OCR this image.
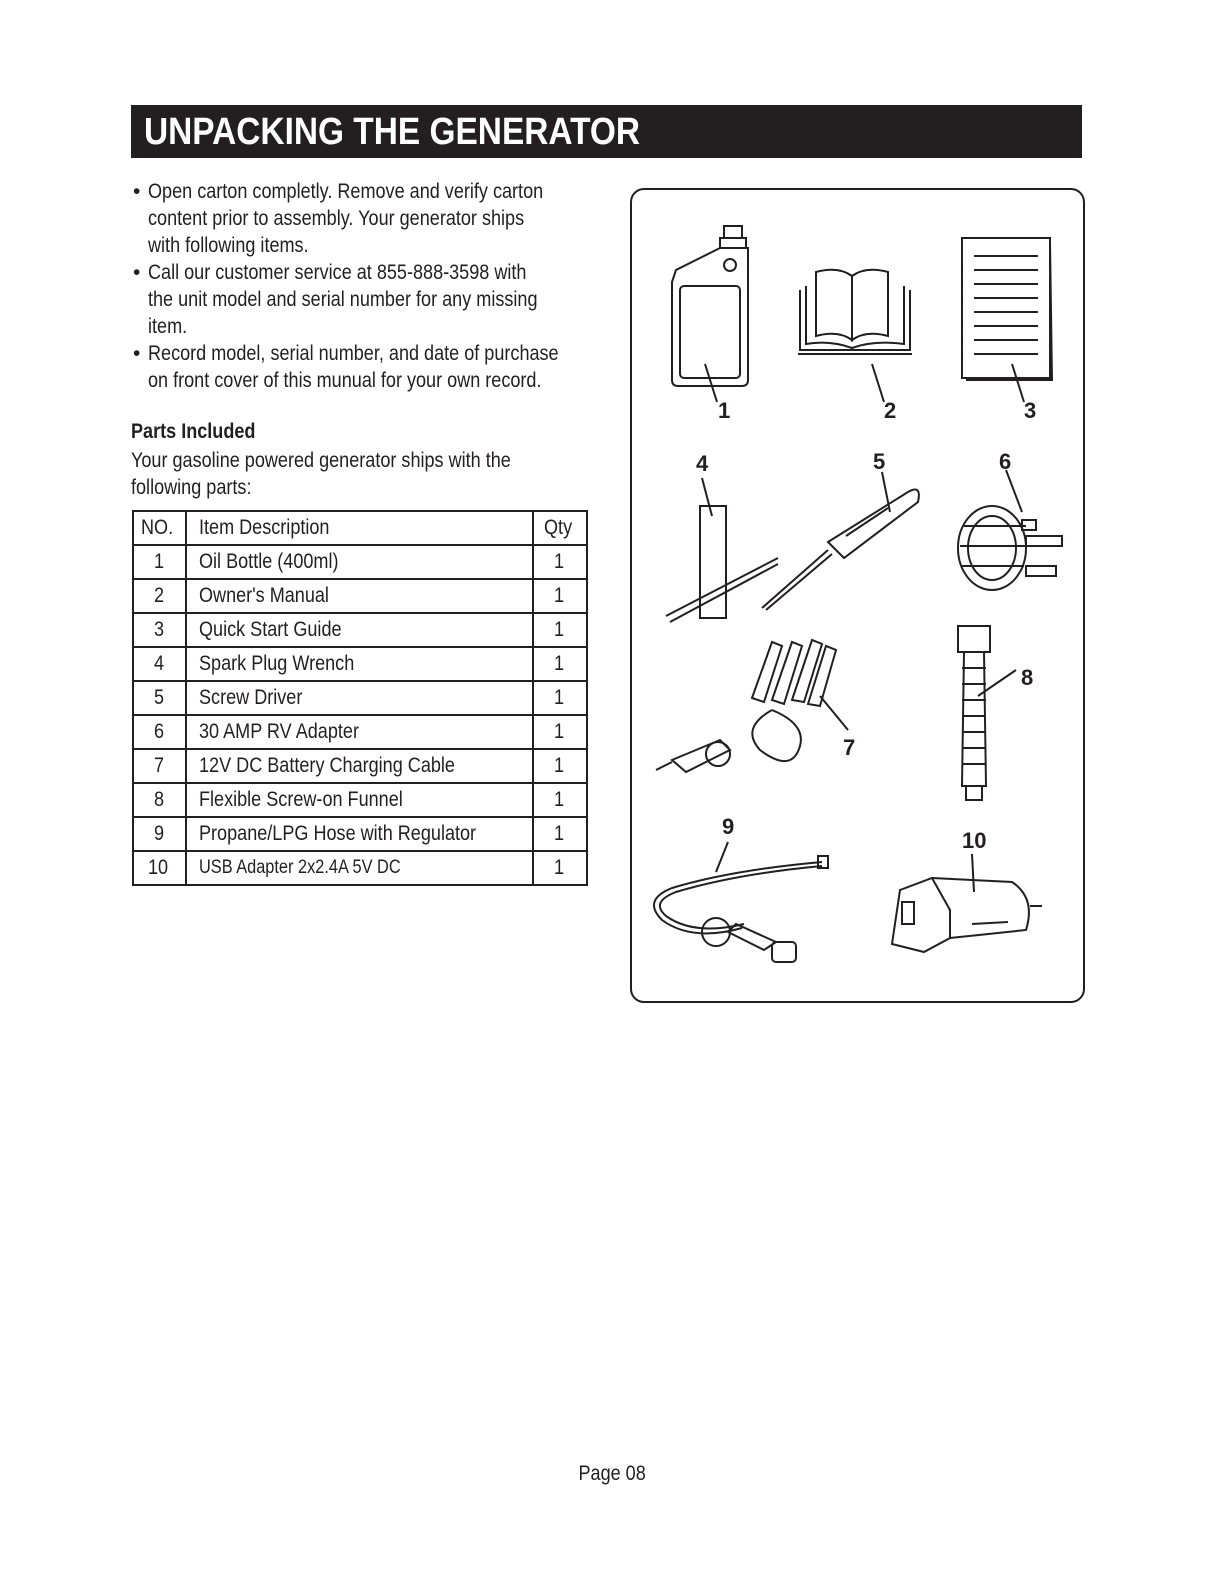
UNPACKING THE GENERATOR
• Open carton completly. Remove and verify carton
content prior to assembly. Your generator ships
with following items.
• Call our customer service at 855-888-3598 with
the unit model and serial number for any missing
item.
• Record model, serial number, and date of purchase
on front cover of this munual for your own record.
Parts Included
Your gasoline powered generator ships with the
following parts:
NO.	Item Description	Qty
1	Oil Bottle (400ml)	1
2	Owner's Manual	1
3	Quick Start Guide	1
4	Spark Plug Wrench	1
5	Screw Driver	1
6	30 AMP RV Adapter	1
7	12V DC Battery Charging Cable	1
8	Flexible Screw-on Funnel	1
9	Propane/LPG Hose with Regulator	1
10	USB Adapter 2x2.4A 5V DC	1
1	2	3
4	5	6
7
8
9
10
Page 08
